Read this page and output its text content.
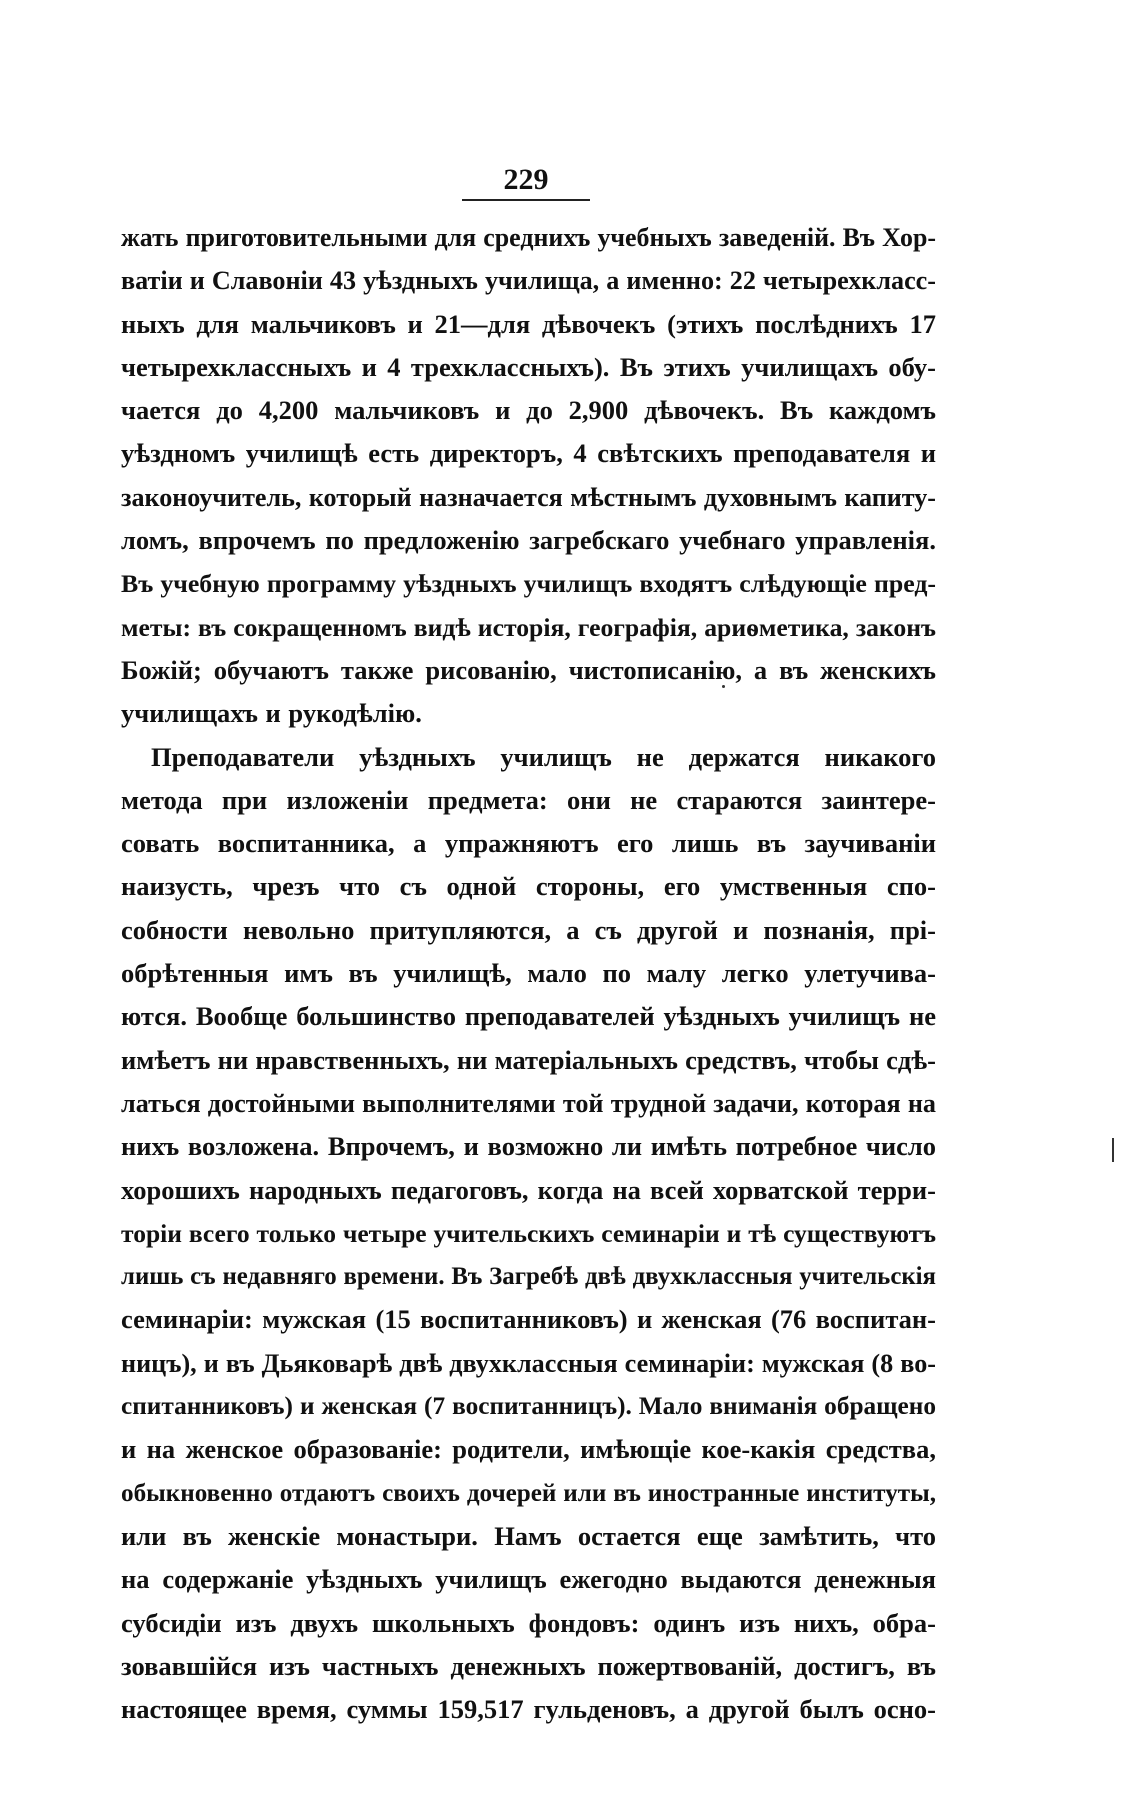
229

жать приготовительными для среднихъ учебныхъ заведеній. Въ Хор-
ватіи и Славоніи 43 уѣздныхъ училища, а именно: 22 четырехкласс-
ныхъ для мальчиковъ и 21—для дѣвочекъ (этихъ послѣднихъ 17
четырехклассныхъ и 4 трехклассныхъ). Въ этихъ училищахъ обу-
чается до 4,200 мальчиковъ и до 2,900 дѣвочекъ. Въ каждомъ
уѣздномъ училищѣ есть директоръ, 4 свѣтскихъ преподавателя и
законоучитель, который назначается мѣстнымъ духовнымъ капиту-
ломъ, впрочемъ по предложенію загребскаго учебнаго управленія.
Въ учебную программу уѣздныхъ училищъ входятъ слѣдующіе пред-
меты: въ сокращенномъ видѣ исторія, географія, ариѳметика, законъ
Божій; обучаютъ также рисованію, чистописанію, а въ женскихъ
училищахъ и рукодѣлію.

Преподаватели уѣздныхъ училищъ не держатся никакого
метода при изложеніи предмета: они не стараются заинтере-
совать воспитанника, а упражняютъ его лишь въ заучиваніи
наизусть, чрезъ что съ одной стороны, его умственныя спо-
собности невольно притупляются, а съ другой и познанія, прі-
обрѣтенныя имъ въ училищѣ, мало по малу легко улетучива-
ются. Вообще большинство преподавателей уѣздныхъ училищъ не
имѣетъ ни нравственныхъ, ни матеріальныхъ средствъ, чтобы сдѣ-
латься достойными выполнителями той трудной задачи, которая на
нихъ возложена. Впрочемъ, и возможно ли имѣть потребное число
хорошихъ народныхъ педагоговъ, когда на всей хорватской терри-
торіи всего только четыре учительскихъ семинаріи и тѣ существуютъ
лишь съ недавняго времени. Въ Загребѣ двѣ двухклассныя учительскія
семинаріи: мужская (15 воспитанниковъ) и женская (76 воспитан-
ницъ), и въ Дьяковарѣ двѣ двухклассныя семинаріи: мужская (8 во-
спитанниковъ) и женская (7 воспитанницъ). Мало вниманія обращено
и на женское образованіе: родители, имѣющіе кое-какія средства,
обыкновенно отдаютъ своихъ дочерей или въ иностранные институты,
или въ женскіе монастыри. Намъ остается еще замѣтить, что
на содержаніе уѣздныхъ училищъ ежегодно выдаются денежныя
субсидіи изъ двухъ школьныхъ фондовъ: одинъ изъ нихъ, обра-
зовавшійся изъ частныхъ денежныхъ пожертвованій, достигъ, въ
настоящее время, суммы 159,517 гульденовъ, а другой былъ осно-
